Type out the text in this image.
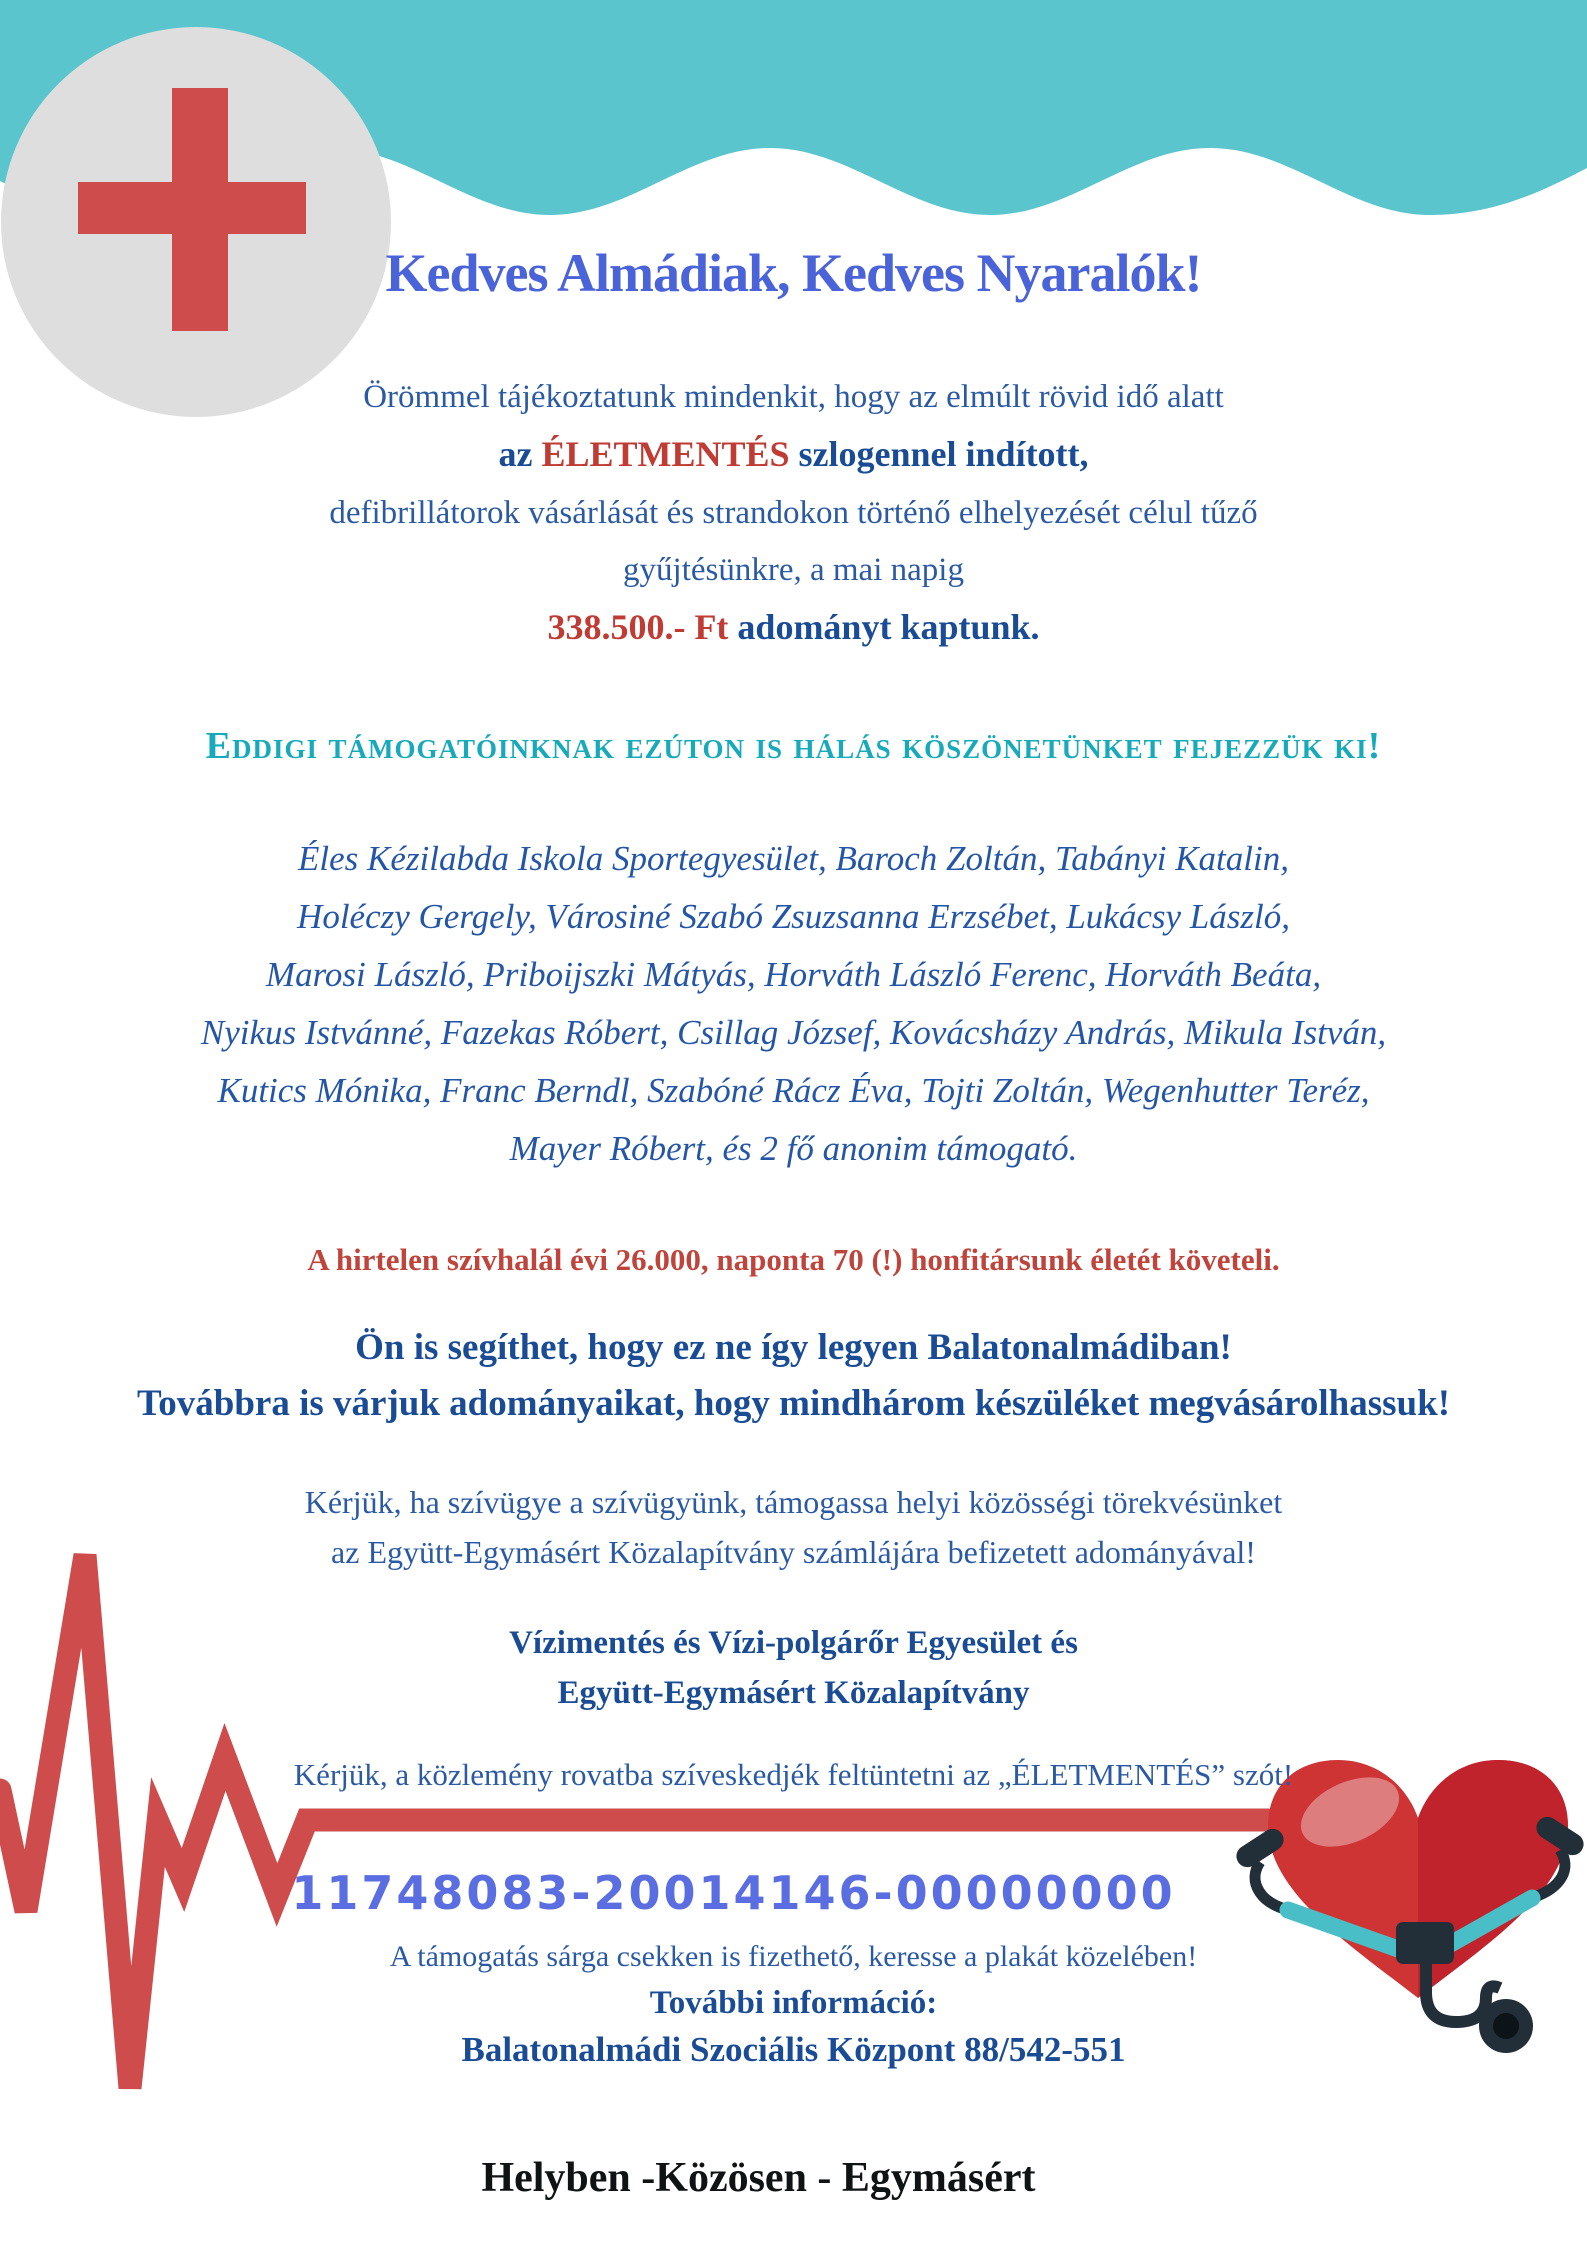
Kedves Almádiak, Kedves Nyaralók!
Örömmel tájékoztatunk mindenkit, hogy az elmúlt rövid idő alatt
az ÉLETMENTÉS szlogennel indított,
defibrillátorok vásárlását és strandokon történő elhelyezését célul tűző
gyűjtésünkre, a mai napig
338.500.- Ft adományt kaptunk.
Eddigi támogatóinknak ezúton is hálás köszönetünket fejezzük ki!
Éles Kézilabda Iskola Sportegyesület, Baroch Zoltán, Tabányi Katalin,
Holéczy Gergely, Városiné Szabó Zsuzsanna Erzsébet, Lukácsy László,
Marosi László, Priboijszki Mátyás, Horváth László Ferenc, Horváth Beáta,
Nyikus Istvánné, Fazekas Róbert, Csillag József, Kovácsházy András, Mikula István,
Kutics Mónika, Franc Berndl, Szabóné Rácz Éva, Tojti Zoltán, Wegenhutter Teréz,
Mayer Róbert, és 2 fő anonim támogató.
A hirtelen szívhalál évi 26.000, naponta 70 (!) honfitársunk életét követeli.
Ön is segíthet, hogy ez ne így legyen Balatonalmádiban!
Továbbra is várjuk adományaikat, hogy mindhárom készüléket megvásárolhassuk!
Kérjük, ha szívügye a szívügyünk, támogassa helyi közösségi törekvésünket
az Együtt-Egymásért Közalapítvány számlájára befizetett adományával!
Vízimentés és Vízi-polgárőr Egyesület és
Együtt-Egymásért Közalapítvány
Kérjük, a közlemény rovatba szíveskedjék feltüntetni az „ÉLETMENTÉS” szót!
11748083-20014146-00000000
A támogatás sárga csekken is fizethető, keresse a plakát közelében!
További információ:
Balatonalmádi Szociális Központ 88/542-551
Helyben -Közösen - Egymásért
